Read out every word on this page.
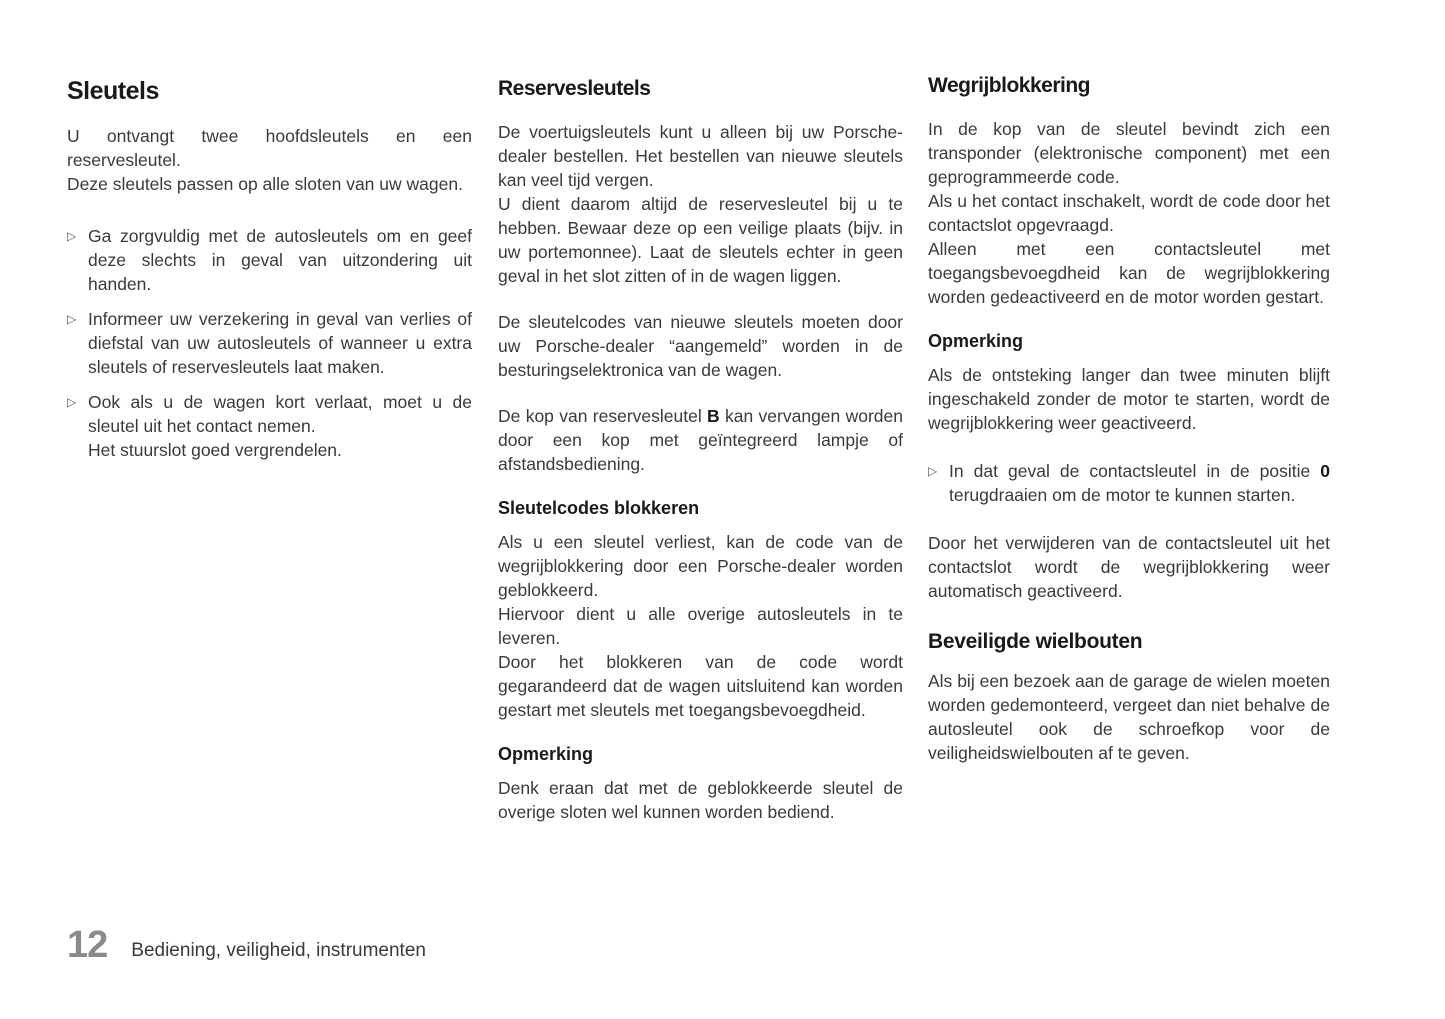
Sleutels

U ontvangt twee hoofdsleutels en een reservesleutel.

Deze sleutels passen op alle sloten van uw wagen.

▷ Ga zorgvuldig met de autosleutels om en geef deze slechts in geval van uitzondering uit handen.
▷ Informeer uw verzekering in geval van verlies of diefstal van uw autosleutels of wanneer u extra sleutels of reservesleutels laat maken.
▷ Ook als u de wagen kort verlaat, moet u de sleutel uit het contact nemen.
Het stuurslot goed vergrendelen.
Reservesleutels

De voertuigsleutels kunt u alleen bij uw Porsche-dealer bestellen. Het bestellen van nieuwe sleutels kan veel tijd vergen.

U dient daarom altijd de reservesleutel bij u te hebben. Bewaar deze op een veilige plaats (bijv. in uw portemonnee). Laat de sleutels echter in geen geval in het slot zitten of in de wagen liggen.

De sleutelcodes van nieuwe sleutels moeten door uw Porsche-dealer “aangemeld” worden in de besturingselektronica van de wagen.

De kop van reservesleutel B kan vervangen worden door een kop met geïntegreerd lampje of afstandsbediening.

Sleutelcodes blokkeren

Als u een sleutel verliest, kan de code van de wegrijblokkering door een Porsche-dealer worden geblokkeerd.

Hiervoor dient u alle overige autosleutels in te leveren.

Door het blokkeren van de code wordt gegarandeerd dat de wagen uitsluitend kan worden gestart met sleutels met toegangsbevoegdheid.

Opmerking

Denk eraan dat met de geblokkeerde sleutel de overige sloten wel kunnen worden bediend.

Wegrijblokkering

In de kop van de sleutel bevindt zich een transponder (elektronische component) met een geprogrammeerde code.

Als u het contact inschakelt, wordt de code door het contactslot opgevraagd.

Alleen met een contactsleutel met toegangsbevoegdheid kan de wegrijblokkering worden gedeactiveerd en de motor worden gestart.

Opmerking

Als de ontsteking langer dan twee minuten blijft ingeschakeld zonder de motor te starten, wordt de wegrijblokkering weer geactiveerd.

▷ In dat geval de contactsleutel in de positie 0 terugdraaien om de motor te kunnen starten.

Door het verwijderen van de contactsleutel uit het contactslot wordt de wegrijblokkering weer automatisch geactiveerd.

Beveiligde wielbouten

Als bij een bezoek aan de garage de wielen moeten worden gedemonteerd, vergeet dan niet behalve de autosleutel ook de schroefkop voor de veiligheidswielbouten af te geven.

12 Bediening, veiligheid, instrumenten
